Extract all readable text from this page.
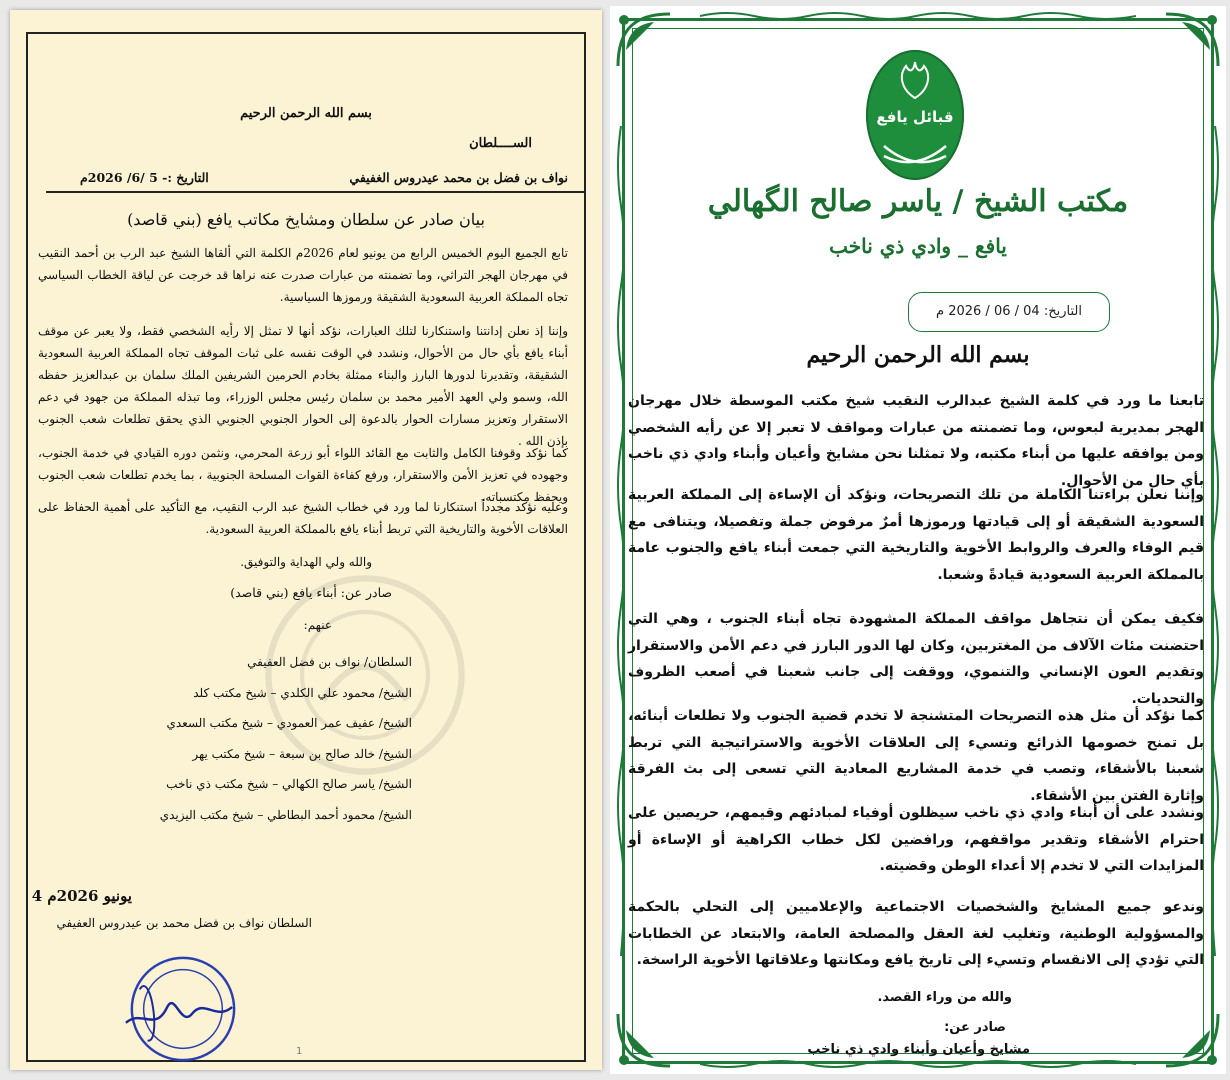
بسم الله الرحمن الرحيم
الســــلطان
نواف بن فضل بن محمد عيدروس الغفيفي
التاريخ :- 5 /6/ 2026م
بيان صادر عن سلطان ومشايخ مكاتب يافع (بني قاصد)
تابع الجميع اليوم الخميس الرابع من يونيو لعام 2026م الكلمة التي ألقاها الشيخ عبد الرب بن أحمد النقيب في مهرجان الهجر التراثي، وما تضمنته من عبارات صدرت عنه نراها قد خرجت عن لياقة الخطاب السياسي تجاه المملكة العربية السعودية الشقيقة ورموزها السياسية.
وإننا إذ نعلن إدانتنا واستنكارنا لتلك العبارات، نؤكد أنها لا تمثل إلا رأيه الشخصي فقط، ولا يعبر عن موقف أبناء يافع بأي حال من الأحوال، ونشدد في الوقت نفسه على ثبات الموقف تجاه المملكة العربية السعودية الشقيقة، وتقديرنا لدورها البارز والبناء ممثلة بخادم الحرمين الشريفين الملك سلمان بن عبدالعزيز حفظه الله، وسمو ولي العهد الأمير محمد بن سلمان رئيس مجلس الوزراء، وما تبذله المملكة من جهود في دعم الاستقرار وتعزيز مسارات الحوار بالدعوة إلى الحوار الجنوبي الجنوبي الذي يحقق تطلعات شعب الجنوب بإذن الله .
كما نؤكد وقوفنا الكامل والثابت مع القائد اللواء أبو زرعة المحرمي، ونثمن دوره القيادي في خدمة الجنوب، وجهوده في تعزيز الأمن والاستقرار، ورفع كفاءة القوات المسلحة الجنوبية ، بما يخدم تطلعات شعب الجنوب ويحفظ مكتسباته.
وعليه نؤكد مجدداً استنكارنا لما ورد في خطاب الشيخ عبد الرب النقيب، مع التأكيد على أهمية الحفاظ على العلاقات الأخوية والتاريخية التي تربط أبناء يافع بالمملكة العربية السعودية.
والله ولي الهداية والتوفيق.
صادر عن: أبناء يافع (بني قاصد)
عنهم:
السلطان/ نواف بن فضل العفيفي
الشيخ/ محمود علي الكلدي – شيخ مكتب كلد
الشيخ/ عفيف عمر العمودي – شيخ مكتب السعدي
الشيخ/ خالد صالح بن سبعة – شيخ مكتب يهر
الشيخ/ ياسر صالح الكهالي – شيخ مكتب ذي ناخب
الشيخ/ محمود أحمد البطاطي – شيخ مكتب اليزيدي
يونيو 2026م 4
السلطان نواف بن فضل محمد بن عيدروس العفيفي
1
قبائل يافع
مكتب الشيخ / ياسر صالح الگهالي
يافع _ وادي ذي ناخب
التاريخ: 04 / 06 / 2026 م
بسم الله الرحمن الرحيم
تابعنا ما ورد في كلمة الشيخ عبدالرب النقيب شيخ مكتب الموسطة خلال مهرجان الهجر بمديرية لبعوس، وما تضمنته من عبارات ومواقف لا تعبر إلا عن رأيه الشخصي ومن يوافقه عليها من أبناء مكتبه، ولا تمثلنا نحن مشايخ وأعيان وأبناء وادي ذي ناخب بأي حال من الأحوال.
وإننا نعلن براءتنا الكاملة من تلك التصريحات، ونؤكد أن الإساءة إلى المملكة العربية السعودية الشقيقة أو إلى قيادتها ورموزها أمرٌ مرفوض جملة وتفصيلا، ويتنافى مع قيم الوفاء والعرف والروابط الأخوية والتاريخية التي جمعت أبناء يافع والجنوب عامة بالمملكة العربية السعودية قيادةً وشعبا.
فكيف يمكن أن نتجاهل مواقف المملكة المشهودة تجاه أبناء الجنوب ، وهي التي احتضنت مئات الآلاف من المغتربين، وكان لها الدور البارز في دعم الأمن والاستقرار وتقديم العون الإنساني والتنموي، ووقفت إلى جانب شعبنا في أصعب الظروف والتحديات.
كما نؤكد أن مثل هذه التصريحات المتشنجة لا تخدم قضية الجنوب ولا تطلعات أبنائه، بل تمنح خصومها الذرائع وتسيء إلى العلاقات الأخوية والاستراتيجية التي تربط شعبنا بالأشقاء، وتصب في خدمة المشاريع المعادية التي تسعى إلى بث الفرقة وإثارة الفتن بين الأشقاء.
ونشدد على أن أبناء وادي ذي ناخب سيظلون أوفياء لمبادئهم وقيمهم، حريصين على احترام الأشقاء وتقدير مواقفهم، ورافضين لكل خطاب الكراهية أو الإساءة أو المزايدات التي لا تخدم إلا أعداء الوطن وقضيته.
وندعو جميع المشايخ والشخصيات الاجتماعية والإعلاميين إلى التحلي بالحكمة والمسؤولية الوطنية، وتغليب لغة العقل والمصلحة العامة، والابتعاد عن الخطابات التي تؤدي إلى الانقسام وتسيء إلى تاريخ يافع ومكانتها وعلاقاتها الأخوية الراسخة.
والله من وراء القصد.
صادر عن:
مشايخ وأعيان وأبناء وادي ذي ناخب
